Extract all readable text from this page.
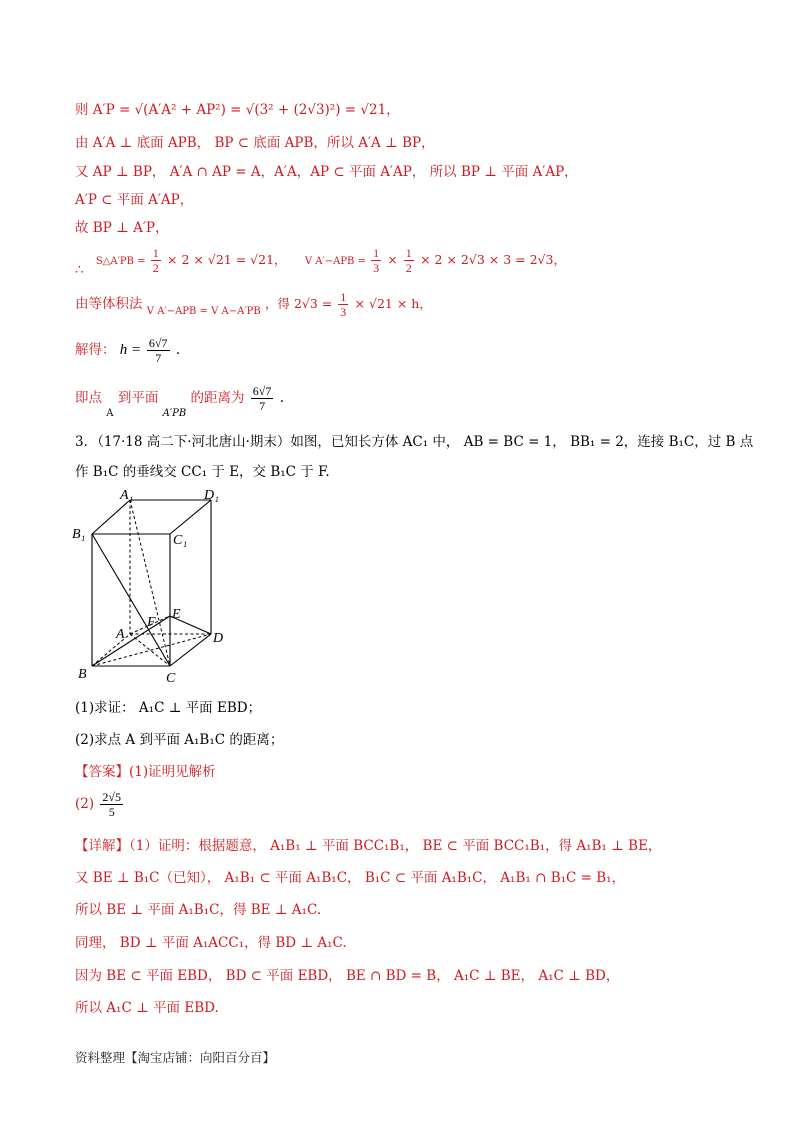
则 A′P = √(A′A² + AP²) = √(3² + (2√3)²) = √21，
由 A′A ⊥ 底面 APB， BP ⊂ 底面 APB，所以 A′A ⊥ BP，
又 AP ⊥ BP， A′A ∩ AP = A，A′A，AP ⊂ 平面 A′AP， 所以 BP ⊥ 平面 A′AP，
A′P ⊂ 平面 A′AP，
故 BP ⊥ A′P，
∴ S△A′PB = $\frac{1}{2} \times 2 \times √21 = √21$， V $A'-APB = \frac{1}{3} \times \frac{1}{2} \times 2 \times 2√3 \times 3 = 2√3$，
由等体积法 $_{V A'-APB = V A-A'PB}$ ，得 $2√3 = \frac{1}{3} \times √21 \times h$，
解得： $h = \frac{6√7}{7}$ .
即点 $_A$ 到平面 $_{A'PB}$ 的距离为 $\frac{6√7}{7}$ .
3．（17·18 高二下·河北唐山·期末）如图，已知长方体 AC₁ 中， AB = BC = 1， BB₁ = 2，连接 B₁C，过 B 点
作 B₁C 的垂线交 CC₁ 于 E，交 B₁C 于 F.
A₁	D₁
B₁	C₁
A
F
E
D
B	C
(1)求证： A₁C ⊥ 平面 EBD；
(2)求点 A 到平面 A₁B₁C 的距离；
【答案】(1)证明见解析
$(2) \frac{2√5}{5}$
【详解】（1）证明：根据题意， A₁B₁ ⊥ 平面 BCC₁B₁， BE ⊂ 平面 BCC₁B₁，得 A₁B₁ ⊥ BE，
又 BE ⊥ B₁C（已知）， A₁B₁ ⊂ 平面 A₁B₁C， B₁C ⊂ 平面 A₁B₁C， A₁B₁ ∩ B₁C = B₁，
所以 BE ⊥ 平面 A₁B₁C，得 BE ⊥ A₁C.
同理， BD ⊥ 平面 A₁ACC₁，得 BD ⊥ A₁C.
因为 BE ⊂ 平面 EBD， BD ⊂ 平面 EBD， BE ∩ BD = B， A₁C ⊥ BE， A₁C ⊥ BD，
所以 A₁C ⊥ 平面 EBD.
资料整理【淘宝店铺：向阳百分百】
